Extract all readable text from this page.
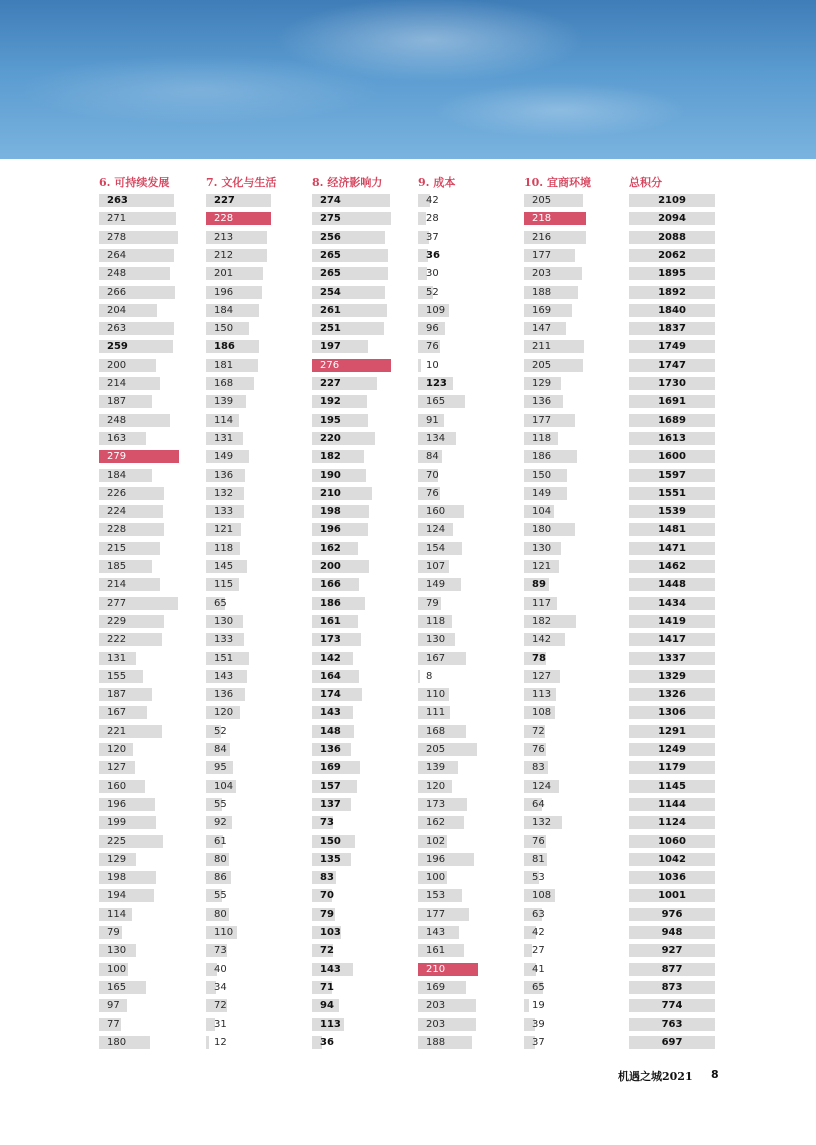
6. 可持续发展
263
271
278
264
248
266
204
263
259
200
214
187
248
163
279
184
226
224
228
215
185
214
277
229
222
131
155
187
167
221
120
127
160
196
199
225
129
198
194
114
79
130
100
165
97
77
180
7. 文化与生活
227
228
213
212
201
196
184
150
186
181
168
139
114
131
149
136
132
133
121
118
145
115
65
130
133
151
143
136
120
52
84
95
104
55
92
61
80
86
55
80
110
73
40
34
72
31
12
8. 经济影响力
274
275
256
265
265
254
261
251
197
276
227
192
195
220
182
190
210
198
196
162
200
166
186
161
173
142
164
174
143
148
136
169
157
137
73
150
135
83
70
79
103
72
143
71
94
113
36
9. 成本
42
28
37
36
30
52
109
96
76
10
123
165
91
134
84
70
76
160
124
154
107
149
79
118
130
167
8
110
111
168
205
139
120
173
162
102
196
100
153
177
143
161
210
169
203
203
188
10. 宜商环境
205
218
216
177
203
188
169
147
211
205
129
136
177
118
186
150
149
104
180
130
121
89
117
182
142
78
127
113
108
72
76
83
124
64
132
76
81
53
108
63
42
27
41
65
19
39
37
总积分
2109
2094
2088
2062
1895
1892
1840
1837
1749
1747
1730
1691
1689
1613
1600
1597
1551
1539
1481
1471
1462
1448
1434
1419
1417
1337
1329
1326
1306
1291
1249
1179
1145
1144
1124
1060
1042
1036
1001
976
948
927
877
873
774
763
697
机遇之城2021 8
